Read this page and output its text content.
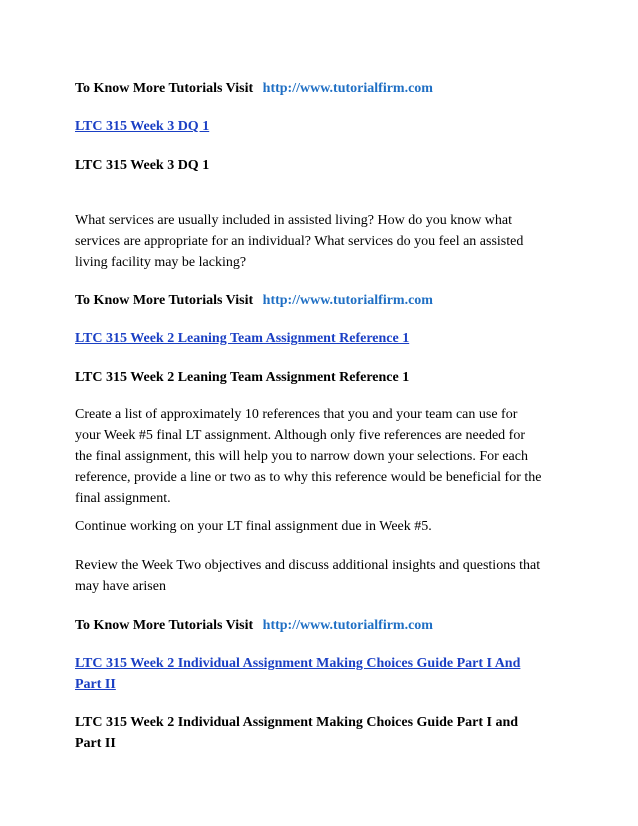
To Know More Tutorials Visit http://www.tutorialfirm.com

LTC 315 Week 3 DQ 1

LTC 315 Week 3 DQ 1

What services are usually included in assisted living? How do you know what
services are appropriate for an individual? What services do you feel an assisted
living facility may be lacking?

To Know More Tutorials Visit http://www.tutorialfirm.com

LTC 315 Week 2 Leaning Team Assignment Reference 1

LTC 315 Week 2 Leaning Team Assignment Reference 1

Create a list of approximately 10 references that you and your team can use for
your Week #5 final LT assignment. Although only five references are needed for
the final assignment, this will help you to narrow down your selections. For each
reference, provide a line or two as to why this reference would be beneficial for the
final assignment.

Continue working on your LT final assignment due in Week #5.

Review the Week Two objectives and discuss additional insights and questions that
may have arisen

To Know More Tutorials Visit http://www.tutorialfirm.com

LTC 315 Week 2 Individual Assignment Making Choices Guide Part I And
Part II

LTC 315 Week 2 Individual Assignment Making Choices Guide Part I and
Part II
